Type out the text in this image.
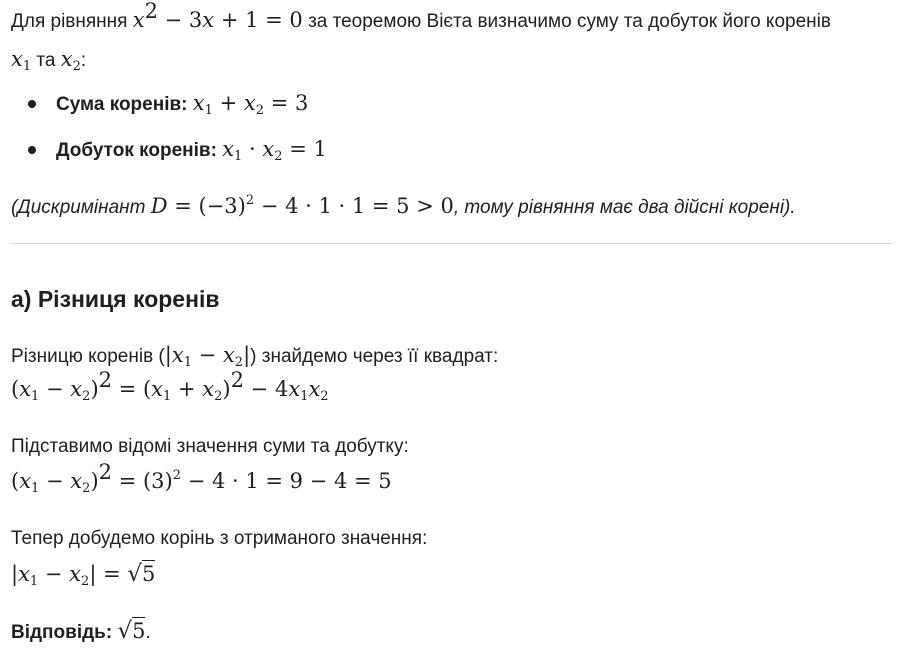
Для рівняння $x^2 - 3x + 1 = 0$ за теоремою Вієта визначимо суму та добуток його коренів
$x_1$ та $x_2$:
Сума коренів: $x_1 + x_2 = 3$
Добуток коренів: $x_1 \cdot x_2 = 1$
(Дискримінант $D = (-3)^2 - 4 \cdot 1 \cdot 1 = 5 > 0$, тому рівняння має два дійсні корені).
а) Різниця коренів
Різницю коренів $(|x_1 - x_2|)$ знайдемо через її квадрат:
$(x_1 - x_2)^2 = (x_1 + x_2)^2 - 4x_1x_2$
Підставимо відомі значення суми та добутку:
$(x_1 - x_2)^2 = (3)^2 - 4 \cdot 1 = 9 - 4 = 5$
Тепер добудемо корінь з отриманого значення:
$|x_1 - x_2| = √5$
Відповідь: √5.
